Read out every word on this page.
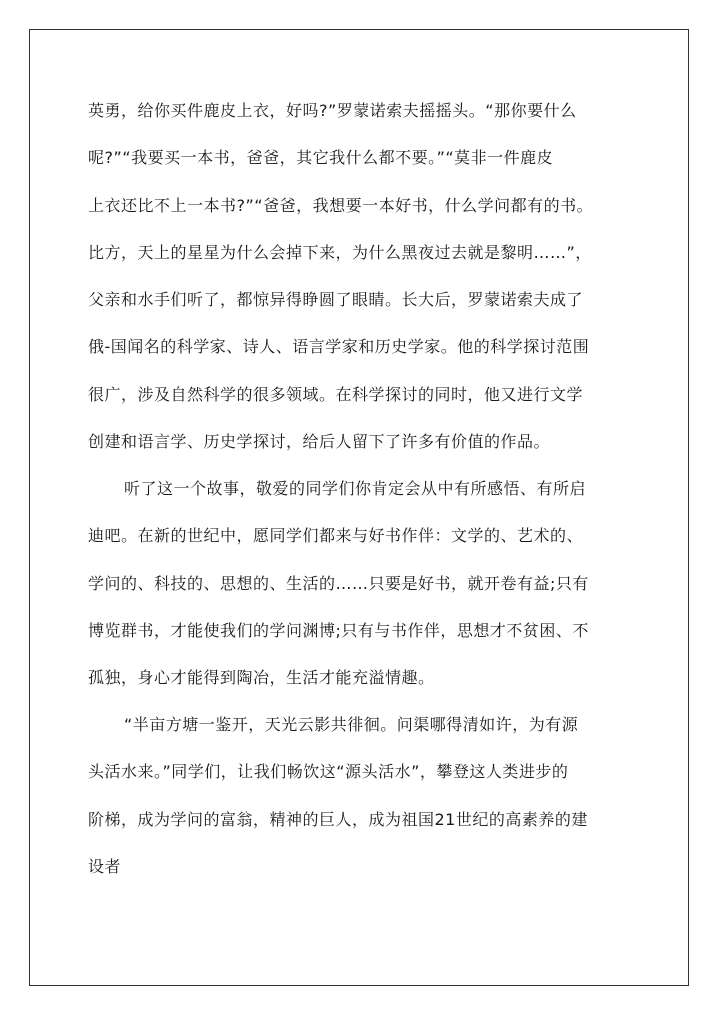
英勇，给你买件鹿皮上衣，好吗?”罗蒙诺索夫摇摇头。“那你要什么
呢?”“我要买一本书，爸爸，其它我什么都不要。”“莫非一件鹿皮
上衣还比不上一本书?”“爸爸，我想要一本好书，什么学问都有的书。
比方，天上的星星为什么会掉下来，为什么黑夜过去就是黎明……”，
父亲和水手们听了，都惊异得睁圆了眼睛。长大后，罗蒙诺索夫成了
俄-国闻名的科学家、诗人、语言学家和历史学家。他的科学探讨范围
很广，涉及自然科学的很多领域。在科学探讨的同时，他又进行文学
创建和语言学、历史学探讨，给后人留下了许多有价值的作品。
听了这一个故事，敬爱的同学们你肯定会从中有所感悟、有所启
迪吧。在新的世纪中，愿同学们都来与好书作伴：文学的、艺术的、
学问的、科技的、思想的、生活的……只要是好书，就开卷有益;只有
博览群书，才能使我们的学问渊博;只有与书作伴，思想才不贫困、不
孤独，身心才能得到陶冶，生活才能充溢情趣。
“半亩方塘一鉴开，天光云影共徘徊。问渠哪得清如许，为有源
头活水来。”同学们，让我们畅饮这“源头活水”，攀登这人类进步的
阶梯，成为学问的富翁，精神的巨人，成为祖国21世纪的高素养的建
设者
